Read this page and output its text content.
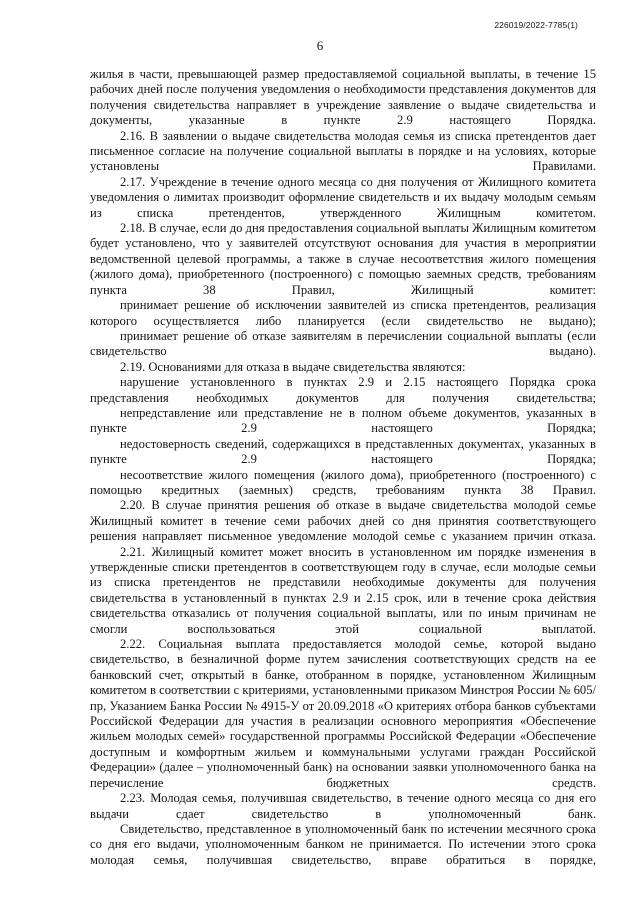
226019/2022-7785(1)
6

жилья в части, превышающей размер предоставляемой социальной выплаты, в течение 15 рабочих дней после получения уведомления о необходимости представления документов для получения свидетельства направляет в учреждение заявление о выдаче свидетельства и документы, указанные в пункте 2.9 настоящего Порядка.

2.16. В заявлении о выдаче свидетельства молодая семья из списка претендентов дает письменное согласие на получение социальной выплаты в порядке и на условиях, которые установлены Правилами.

2.17. Учреждение в течение одного месяца со дня получения от Жилищного комитета уведомления о лимитах производит оформление свидетельств и их выдачу молодым семьям из списка претендентов, утвержденного Жилищным комитетом.

2.18. В случае, если до дня предоставления социальной выплаты Жилищным комитетом будет установлено, что у заявителей отсутствуют основания для участия в мероприятии ведомственной целевой программы, а также в случае несоответствия жилого помещения (жилого дома), приобретенного (построенного) с помощью заемных средств, требованиям пункта 38 Правил, Жилищный комитет:

принимает решение об исключении заявителей из списка претендентов, реализация которого осуществляется либо планируется (если свидетельство не выдано);

принимает решение об отказе заявителям в перечислении социальной выплаты (если свидетельство выдано).

2.19. Основаниями для отказа в выдаче свидетельства являются:

нарушение установленного в пунктах 2.9 и 2.15 настоящего Порядка срока представления необходимых документов для получения свидетельства;

непредставление или представление не в полном объеме документов, указанных в пункте 2.9 настоящего Порядка;

недостоверность сведений, содержащихся в представленных документах, указанных в пункте 2.9 настоящего Порядка;

несоответствие жилого помещения (жилого дома), приобретенного (построенного) с помощью кредитных (заемных) средств, требованиям пункта 38 Правил.

2.20. В случае принятия решения об отказе в выдаче свидетельства молодой семье Жилищный комитет в течение семи рабочих дней со дня принятия соответствующего решения направляет письменное уведомление молодой семье с указанием причин отказа.

2.21. Жилищный комитет может вносить в установленном им порядке изменения в утвержденные списки претендентов в соответствующем году в случае, если молодые семьи из списка претендентов не представили необходимые документы для получения свидетельства в установленный в пунктах 2.9 и 2.15 срок, или в течение срока действия свидетельства отказались от получения социальной выплаты, или по иным причинам не смогли воспользоваться этой социальной выплатой.

2.22. Социальная выплата предоставляется молодой семье, которой выдано свидетельство, в безналичной форме путем зачисления соответствующих средств на ее банковский счет, открытый в банке, отобранном в порядке, установленном Жилищным комитетом в соответствии с критериями, установленными приказом Минстроя России № 605/пр, Указанием Банка России № 4915-У от 20.09.2018 «О критериях отбора банков субъектами Российской Федерации для участия в реализации основного мероприятия «Обеспечение жильем молодых семей» государственной программы Российской Федерации «Обеспечение доступным и комфортным жильем и коммунальными услугами граждан Российской Федерации» (далее – уполномоченный банк) на основании заявки уполномоченного банка на перечисление бюджетных средств.

2.23. Молодая семья, получившая свидетельство, в течение одного месяца со дня его выдачи сдает свидетельство в уполномоченный банк.

Свидетельство, представленное в уполномоченный банк по истечении месячного срока со дня его выдачи, уполномоченным банком не принимается. По истечении этого срока молодая семья, получившая свидетельство, вправе обратиться в порядке,
